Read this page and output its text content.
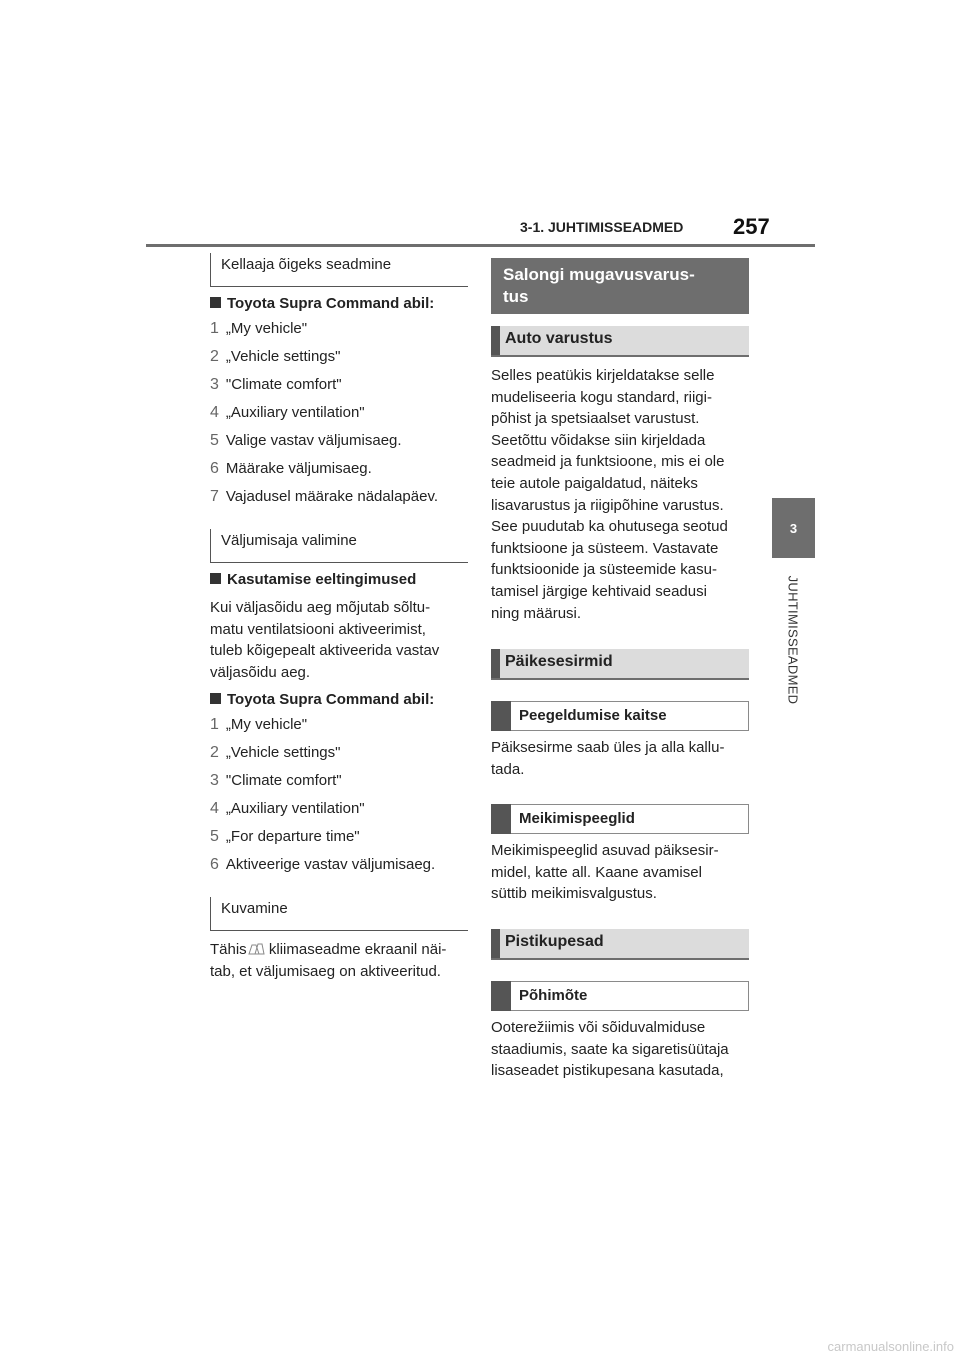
3-1. JUHTIMISSEADMED 257
3
JUHTIMISSEADMED
Kellaaja õigeks seadmine
Toyota Supra Command abil:
1 „My vehicle"
2 „Vehicle settings"
3 "Climate comfort"
4 „Auxiliary ventilation"
5 Valige vastav väljumisaeg.
6 Määrake väljumisaeg.
7 Vajadusel määrake nädalapäev.
Väljumisaja valimine
Kasutamise eeltingimused
Kui väljasõidu aeg mõjutab sõltu-
matu ventilatsiooni aktiveerimist,
tuleb kõigepealt aktiveerida vastav
väljasõidu aeg.
Toyota Supra Command abil:
1 „My vehicle"
2 „Vehicle settings"
3 "Climate comfort"
4 „Auxiliary ventilation"
5 „For departure time"
6 Aktiveerige vastav väljumisaeg.
Kuvamine
Tähis kliimaseadme ekraanil näi-
tab, et väljumisaeg on aktiveeritud.
Salongi mugavusvarus-
tus
Auto varustus
Selles peatükis kirjeldatakse selle
mudeliseeria kogu standard, riigi-
põhist ja spetsiaalset varustust.
Seetõttu võidakse siin kirjeldada
seadmeid ja funktsioone, mis ei ole
teie autole paigaldatud, näiteks
lisavarustus ja riigipõhine varustus.
See puudutab ka ohutusega seotud
funktsioone ja süsteem. Vastavate
funktsioonide ja süsteemide kasu-
tamisel järgige kehtivaid seadusi
ning määrusi.
Päikesesirmid
Peegeldumise kaitse
Päiksesirme saab üles ja alla kallu-
tada.
Meikimispeeglid
Meikimispeeglid asuvad päiksesir-
midel, katte all. Kaane avamisel
süttib meikimisvalgustus.
Pistikupesad
Põhimõte
Ooterežiimis või sõiduvalmiduse
staadiumis, saate ka sigaretisüütaja
lisaseadet pistikupesana kasutada,
carmanualsonline.info
